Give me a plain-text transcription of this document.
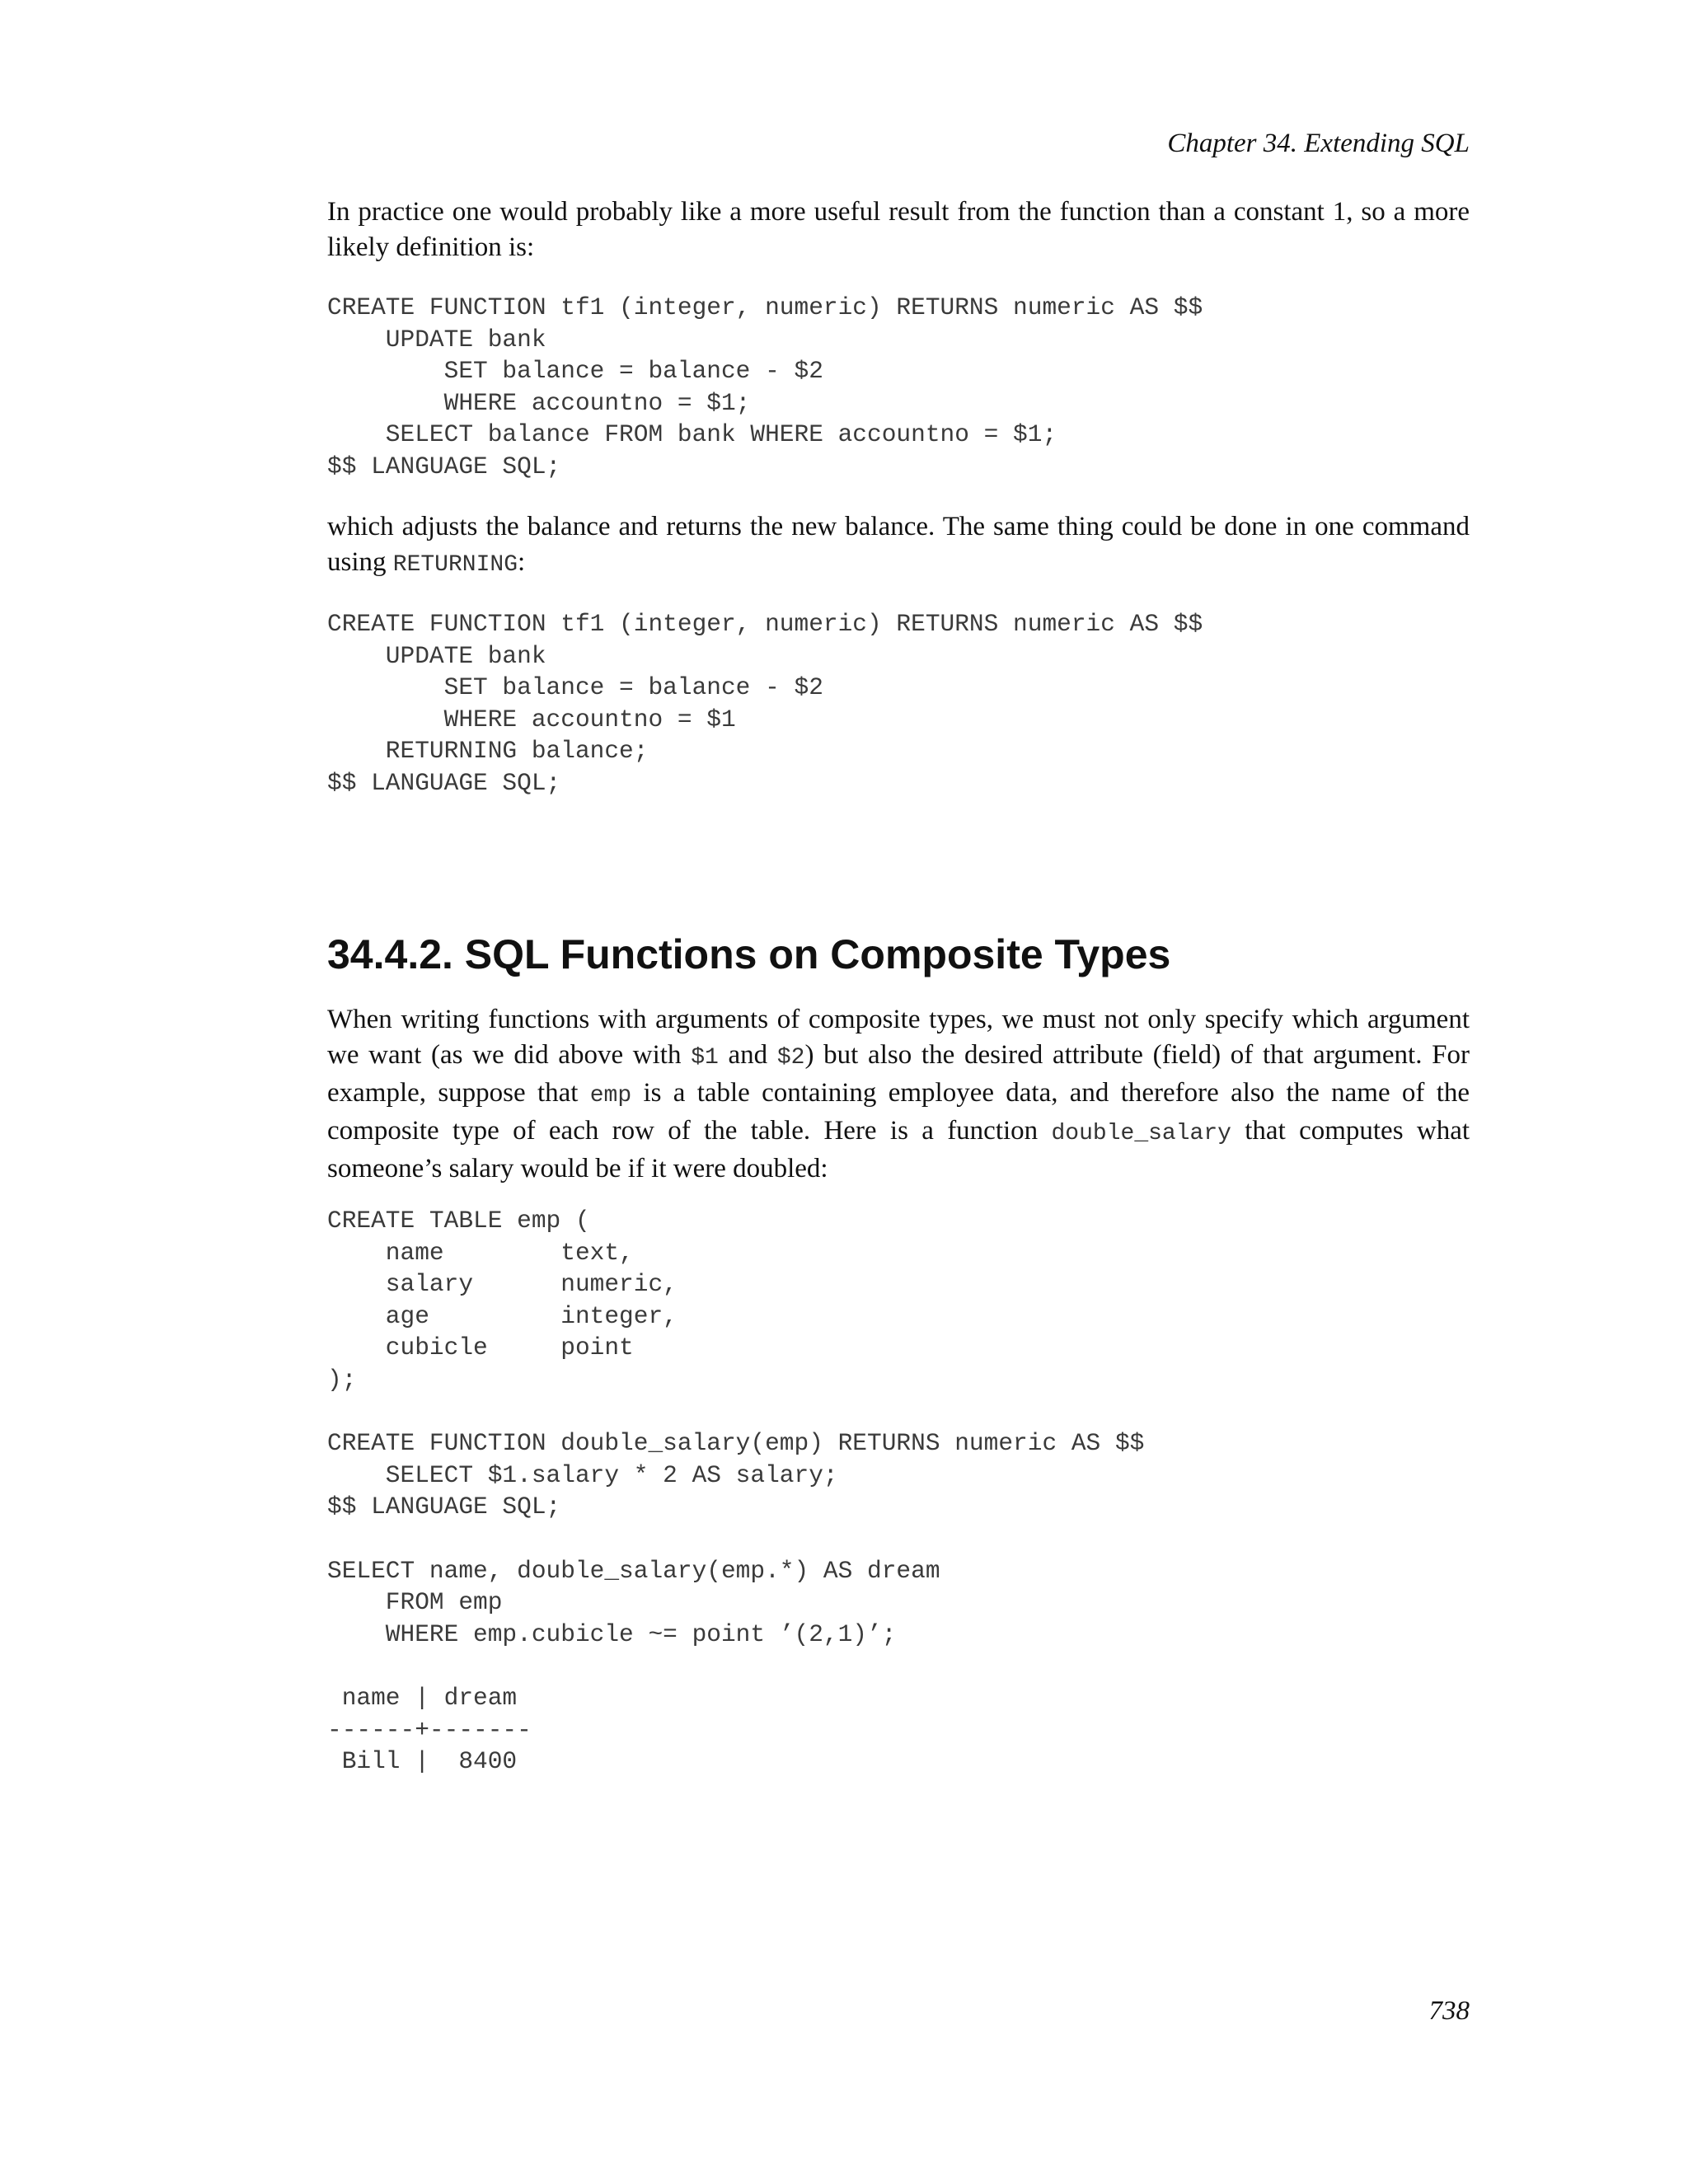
Chapter 34. Extending SQL

In practice one would probably like a more useful result from the function than a constant 1, so a more likely definition is:

CREATE FUNCTION tf1 (integer, numeric) RETURNS numeric AS $$
UPDATE bank
SET balance = balance - $2
WHERE accountno = $1;
SELECT balance FROM bank WHERE accountno = $1;
$$ LANGUAGE SQL;

which adjusts the balance and returns the new balance. The same thing could be done in one command using RETURNING:

CREATE FUNCTION tf1 (integer, numeric) RETURNS numeric AS $$
UPDATE bank
SET balance = balance - $2
WHERE accountno = $1
RETURNING balance;
$$ LANGUAGE SQL;
34.4.2. SQL Functions on Composite Types

When writing functions with arguments of composite types, we must not only specify which argument we want (as we did above with $1 and $2) but also the desired attribute (field) of that argument. For example, suppose that emp is a table containing employee data, and therefore also the name of the composite type of each row of the table. Here is a function double_salary that computes what someone’s salary would be if it were doubled:

CREATE TABLE emp (
name        text,
salary      numeric,
age         integer,
cubicle     point
);

CREATE FUNCTION double_salary(emp) RETURNS numeric AS $$
SELECT $1.salary * 2 AS salary;
$$ LANGUAGE SQL;

SELECT name, double_salary(emp.*) AS dream
FROM emp
WHERE emp.cubicle ~= point ’(2,1)’;

name | dream
------+-------
Bill |  8400
738
